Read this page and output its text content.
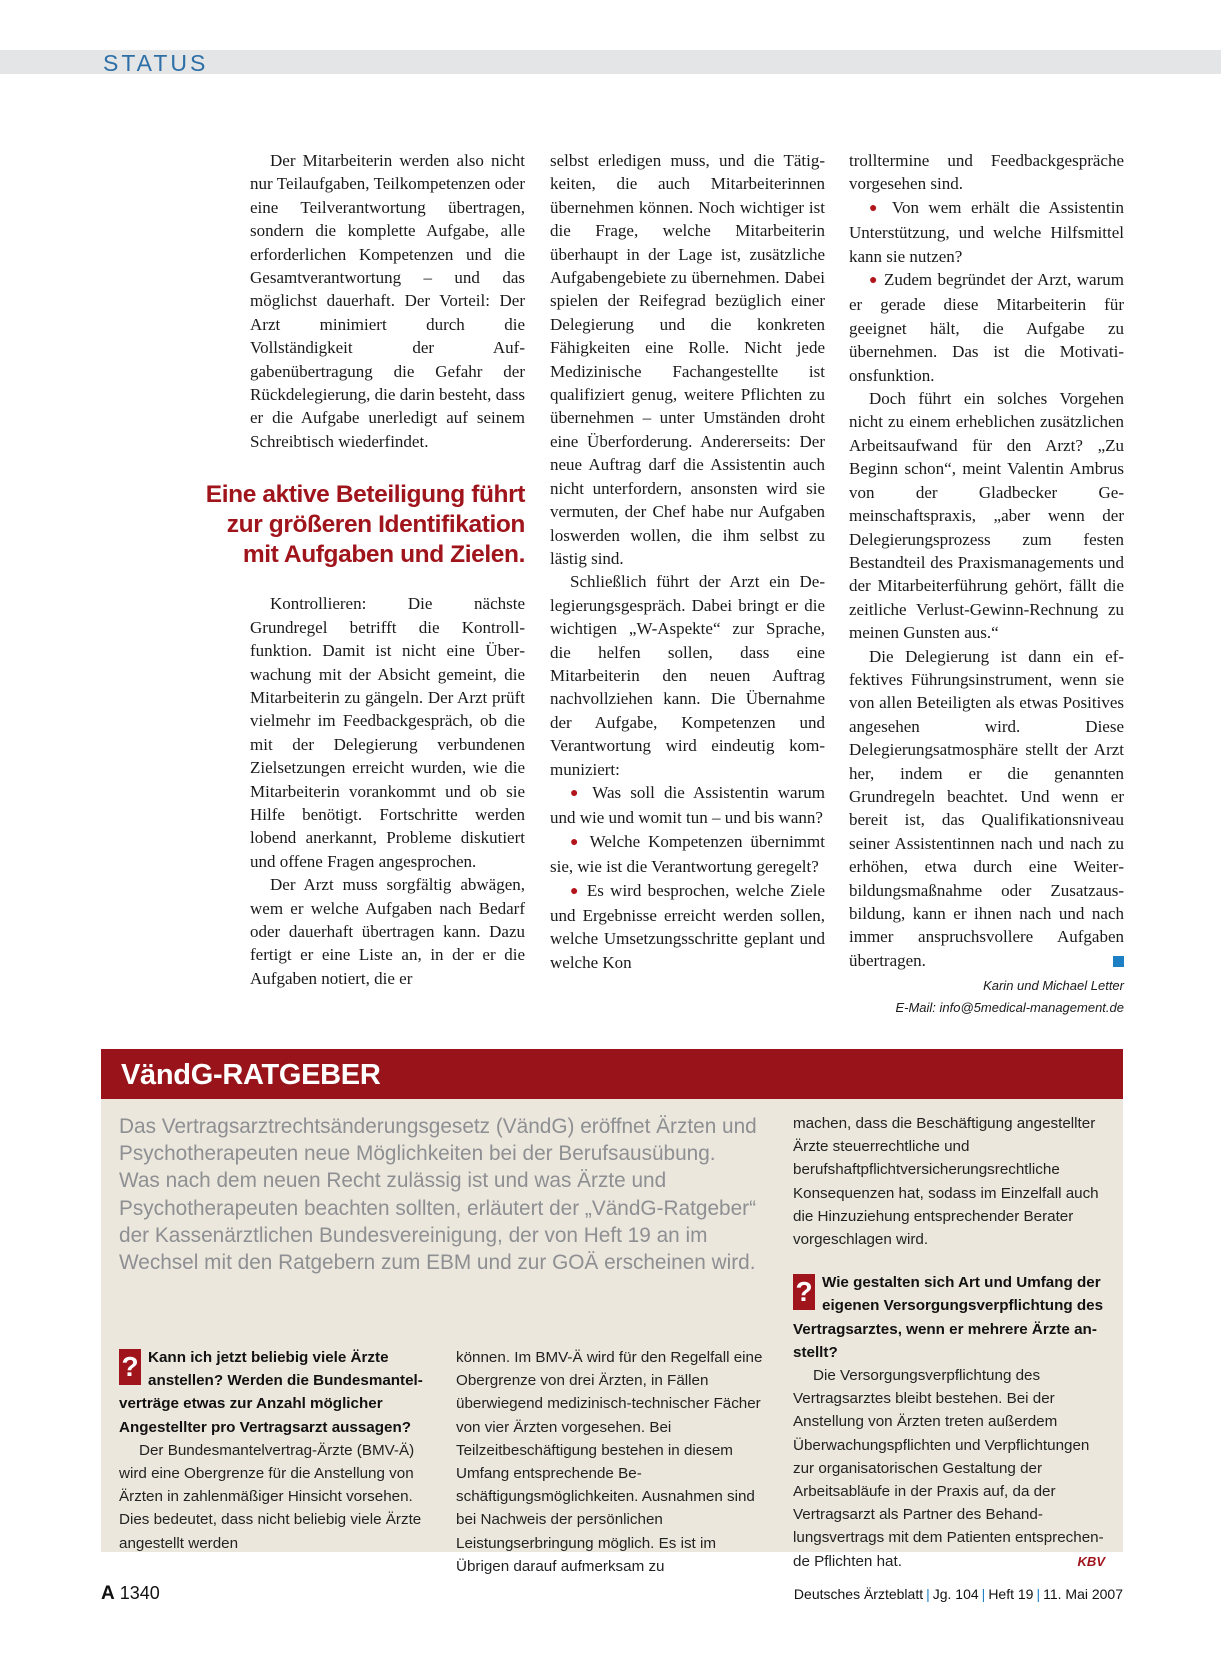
STATUS

Der Mitarbeiterin werden also nicht nur Teilaufgaben, Teilkompetenzen oder eine Teilverantwortung übertragen, sondern die komplette Aufgabe, alle erforderlichen Kompetenzen und die Gesamtverantwortung – und das möglichst dauerhaft. Der Vorteil: Der Arzt minimiert durch die Vollständigkeit der Aufgabenübertragung die Gefahr der Rückdelegierung, die darin besteht, dass er die Aufgabe unerledigt auf seinem Schreibtisch wiederfindet.

Eine aktive Beteiligung führt zur größeren Identifikation mit Aufgaben und Zielen.

Kontrollieren: Die nächste Grundregel betrifft die Kontrollfunktion. Damit ist nicht eine Überwachung mit der Absicht gemeint, die Mitarbeiterin zu gängeln. Der Arzt prüft vielmehr im Feedbackgespräch, ob die mit der Delegierung verbundenen Zielsetzungen erreicht wurden, wie die Mitarbeiterin vorankommt und ob sie Hilfe benötigt. Fortschritte werden lobend anerkannt, Probleme diskutiert und offene Fragen angesprochen.

Der Arzt muss sorgfältig abwägen, wem er welche Aufgaben nach Bedarf oder dauerhaft übertragen kann. Dazu fertigt er eine Liste an, in der er die Aufgaben notiert, die er

selbst erledigen muss, und die Tätigkeiten, die auch Mitarbeiterinnen übernehmen können. Noch wichtiger ist die Frage, welche Mitarbeiterin überhaupt in der Lage ist, zusätzliche Aufgabengebiete zu übernehmen. Dabei spielen der Reifegrad bezüglich einer Delegierung und die konkreten Fähigkeiten eine Rolle. Nicht jede Medizinische Fachangestellte ist qualifiziert genug, weitere Pflichten zu übernehmen – unter Umständen droht eine Überforderung. Andererseits: Der neue Auftrag darf die Assistentin auch nicht unterfordern, ansonsten wird sie vermuten, der Chef habe nur Aufgaben loswerden wollen, die ihm selbst zu lästig sind.

Schließlich führt der Arzt ein Delegierungsgespräch. Dabei bringt er die wichtigen „W-Aspekte“ zur Sprache, die helfen sollen, dass eine Mitarbeiterin den neuen Auftrag nachvollziehen kann. Die Übernahme der Aufgabe, Kompetenzen und Verantwortung wird eindeutig kommuniziert:

● Was soll die Assistentin warum und wie und womit tun – und bis wann?

● Welche Kompetenzen übernimmt sie, wie ist die Verantwortung geregelt?

● Es wird besprochen, welche Ziele und Ergebnisse erreicht werden sollen, welche Umsetzungsschritte geplant und welche Kon

trolltermine und Feedbackgespräche vorgesehen sind.

● Von wem erhält die Assistentin Unterstützung, und welche Hilfsmittel kann sie nutzen?

● Zudem begründet der Arzt, warum er gerade diese Mitarbeiterin für geeignet hält, die Aufgabe zu übernehmen. Das ist die Motivationsfunktion.

Doch führt ein solches Vorgehen nicht zu einem erheblichen zusätzlichen Arbeitsaufwand für den Arzt? „Zu Beginn schon“, meint Valentin Ambrus von der Gladbecker Gemeinschaftspraxis, „aber wenn der Delegierungsprozess zum festen Bestandteil des Praxismanagements und der Mitarbeiterführung gehört, fällt die zeitliche Verlust-Gewinn-Rechnung zu meinen Gunsten aus.“

Die Delegierung ist dann ein effektives Führungsinstrument, wenn sie von allen Beteiligten als etwas Positives angesehen wird. Diese Delegierungsatmosphäre stellt der Arzt her, indem er die genannten Grundregeln beachtet. Und wenn er bereit ist, das Qualifikationsniveau seiner Assistentinnen nach und nach zu erhöhen, etwa durch eine Weiterbildungsmaßnahme oder Zusatzausbildung, kann er ihnen nach und nach immer anspruchsvollere Aufgaben übertragen.

Karin und Michael Letter
E-Mail: info@5medical-management.de
VändG-RATGEBER
Das Vertragsarztrechtsänderungsgesetz (VändG) eröffnet Ärzten und Psychotherapeuten neue Möglichkeiten bei der Berufsausübung. Was nach dem neuen Recht zulässig ist und was Ärzte und Psychotherapeuten beachten sollten, erläutert der „VändG-Ratgeber“ der Kassenärztlichen Bundesvereinigung, der von Heft 19 an im Wechsel mit den Ratgebern zum EBM und zur GOÄ erscheinen wird.

? Kann ich jetzt beliebig viele Ärzte anstellen? Werden die Bundesmantelverträge etwas zur Anzahl möglicher Angestellter pro Vertragsarzt aussagen?

Der Bundesmantelvertrag-Ärzte (BMV-Ä) wird eine Obergrenze für die Anstellung von Ärzten in zahlenmäßiger Hinsicht vorsehen. Dies bedeutet, dass nicht beliebig viele Ärzte angestellt werden

können. Im BMV-Ä wird für den Regelfall eine Obergrenze von drei Ärzten, in Fällen überwiegend medizinisch-technischer Fächer von vier Ärzten vorgesehen. Bei Teilzeitbeschäftigung bestehen in diesem Umfang entsprechende Beschäftigungsmöglichkeiten. Ausnahmen sind bei Nachweis der persönlichen Leistungserbringung möglich. Es ist im Übrigen darauf aufmerksam zu

machen, dass die Beschäftigung angestellter Ärzte steuerrechtliche und berufshaftpflichtversicherungsrechtliche Konsequenzen hat, sodass im Einzelfall auch die Hinzuziehung entsprechender Berater vorgeschlagen wird.

? Wie gestalten sich Art und Umfang der eigenen Versorgungsverpflichtung des Vertragsarztes, wenn er mehrere Ärzte anstellt?

Die Versorgungsverpflichtung des Vertragsarztes bleibt bestehen. Bei der Anstellung von Ärzten treten außerdem Überwachungspflichten und Verpflichtungen zur organisatorischen Gestaltung der Arbeitsabläufe in der Praxis auf, da der Vertragsarzt als Partner des Behandlungsvertrags mit dem Patienten entsprechende Pflichten hat.	KBV

A 1340	Deutsches Ärzteblatt | Jg. 104 | Heft 19 | 11. Mai 2007
